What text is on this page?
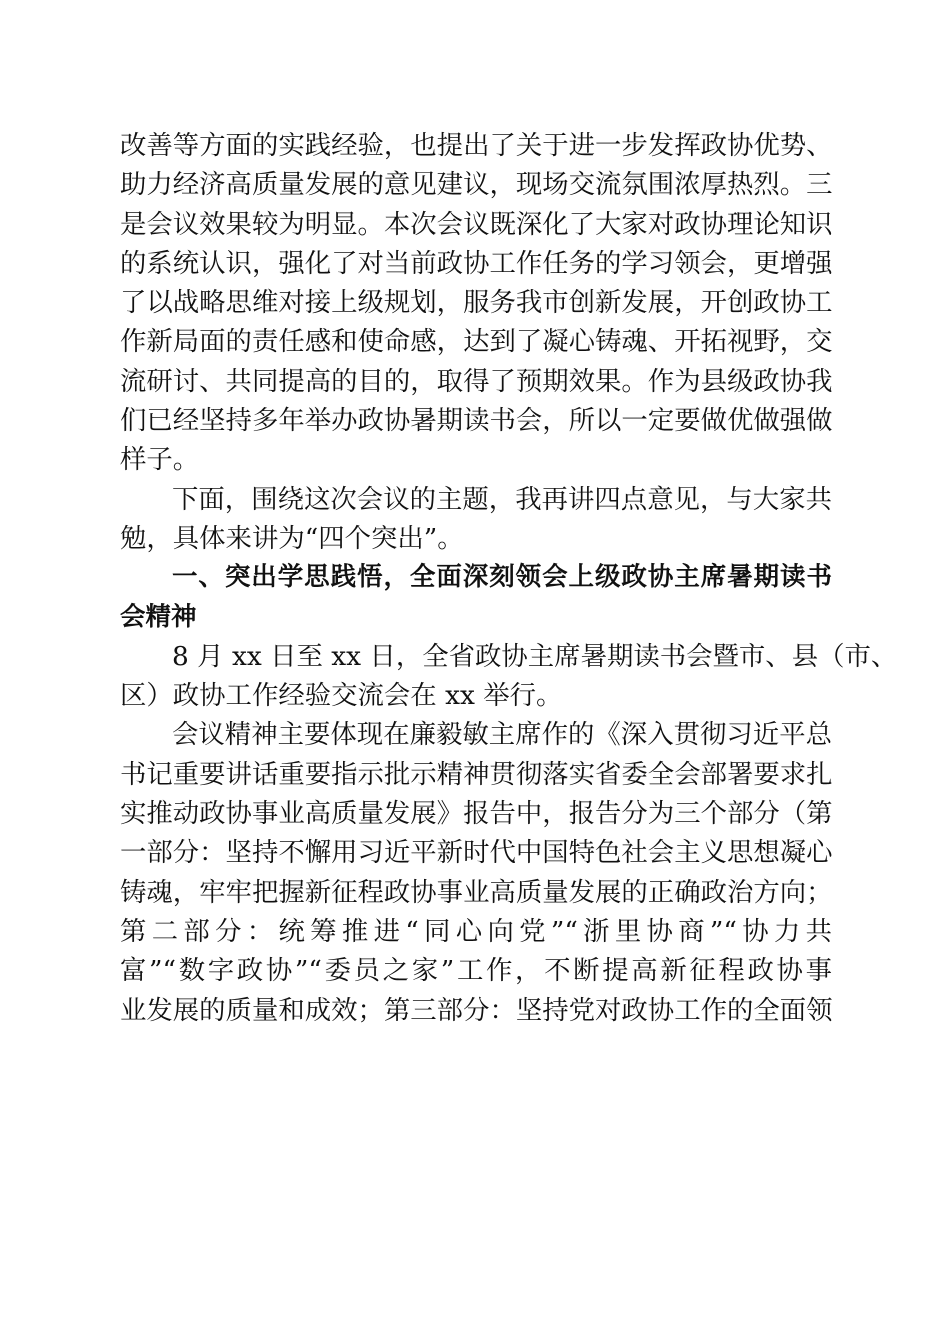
改善等方面的实践经验，也提出了关于进一步发挥政协优势、
助力经济高质量发展的意见建议，现场交流氛围浓厚热烈。三
是会议效果较为明显。本次会议既深化了大家对政协理论知识
的系统认识，强化了对当前政协工作任务的学习领会，更增强
了以战略思维对接上级规划，服务我市创新发展，开创政协工
作新局面的责任感和使命感，达到了凝心铸魂、开拓视野，交
流研讨、共同提高的目的，取得了预期效果。作为县级政协我
们已经坚持多年举办政协暑期读书会，所以一定要做优做强做
样子。
下面，围绕这次会议的主题，我再讲四点意见，与大家共
勉，具体来讲为“四个突出”。
一、突出学思践悟，全面深刻领会上级政协主席暑期读书
会精神
8 月 xx 日至 xx 日，全省政协主席暑期读书会暨市、县（市、
区）政协工作经验交流会在 xx 举行。
会议精神主要体现在廉毅敏主席作的《深入贯彻习近平总
书记重要讲话重要指示批示精神贯彻落实省委全会部署要求扎
实推动政协事业高质量发展》报告中，报告分为三个部分（第
一部分：坚持不懈用习近平新时代中国特色社会主义思想凝心
铸魂，牢牢把握新征程政协事业高质量发展的正确政治方向；
第二部分：统筹推进“同心向党”“浙里协商”“协力共
富”“数字政协”“委员之家”工作，不断提高新征程政协事
业发展的质量和成效；第三部分：坚持党对政协工作的全面领
